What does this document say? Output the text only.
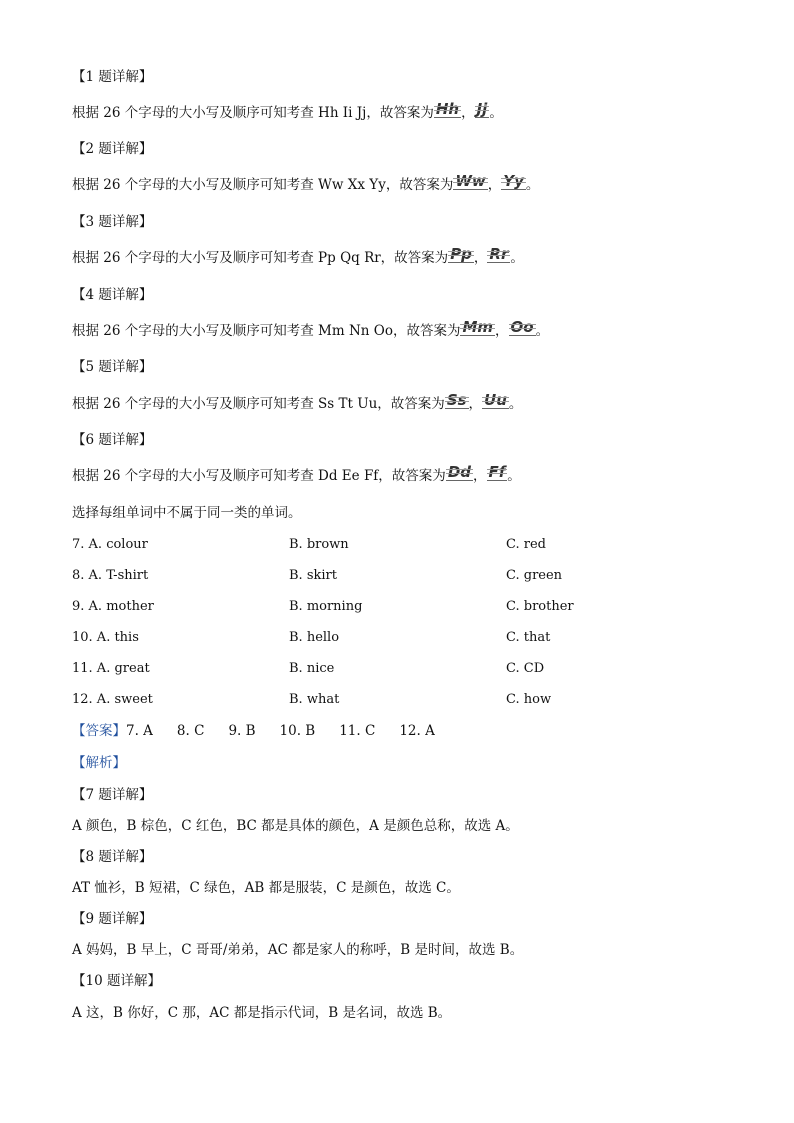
【1 题详解】
根据 26 个字母的大小写及顺序可知考查 Hh Ii Jj，故答案为 Hh ， Jj 。
【2 题详解】
根据 26 个字母的大小写及顺序可知考查 Ww Xx Yy，故答案为 Ww ， Yy 。
【3 题详解】
根据 26 个字母的大小写及顺序可知考查 Pp Qq Rr，故答案为 Pp ， Rr 。
【4 题详解】
根据 26 个字母的大小写及顺序可知考查 Mm Nn Oo，故答案为 Mm ， Oo 。
【5 题详解】
根据 26 个字母的大小写及顺序可知考查 Ss Tt Uu，故答案为 Ss ， Uu 。
【6 题详解】
根据 26 个字母的大小写及顺序可知考查 Dd Ee Ff，故答案为 Dd ， Ff 。
选择每组单词中不属于同一类的单词。
7. A. colour	B. brown	C. red
8. A. T-shirt	B. skirt	C. green
9. A. mother	B. morning	C. brother
10. A. this	B. hello	C. that
11. A. great	B. nice	C. CD
12. A. sweet	B. what	C. how
【答案】7. A 8. C 9. B 10. B 11. C 12. A
【解析】
【7 题详解】
A 颜色，B 棕色，C 红色，BC 都是具体的颜色，A 是颜色总称，故选 A。
【8 题详解】
AT 恤衫，B 短裙，C 绿色，AB 都是服装，C 是颜色，故选 C。
【9 题详解】
A 妈妈，B 早上，C 哥哥/弟弟，AC 都是家人的称呼，B 是时间，故选 B。
【10 题详解】
A 这，B 你好，C 那，AC 都是指示代词，B 是名词，故选 B。
